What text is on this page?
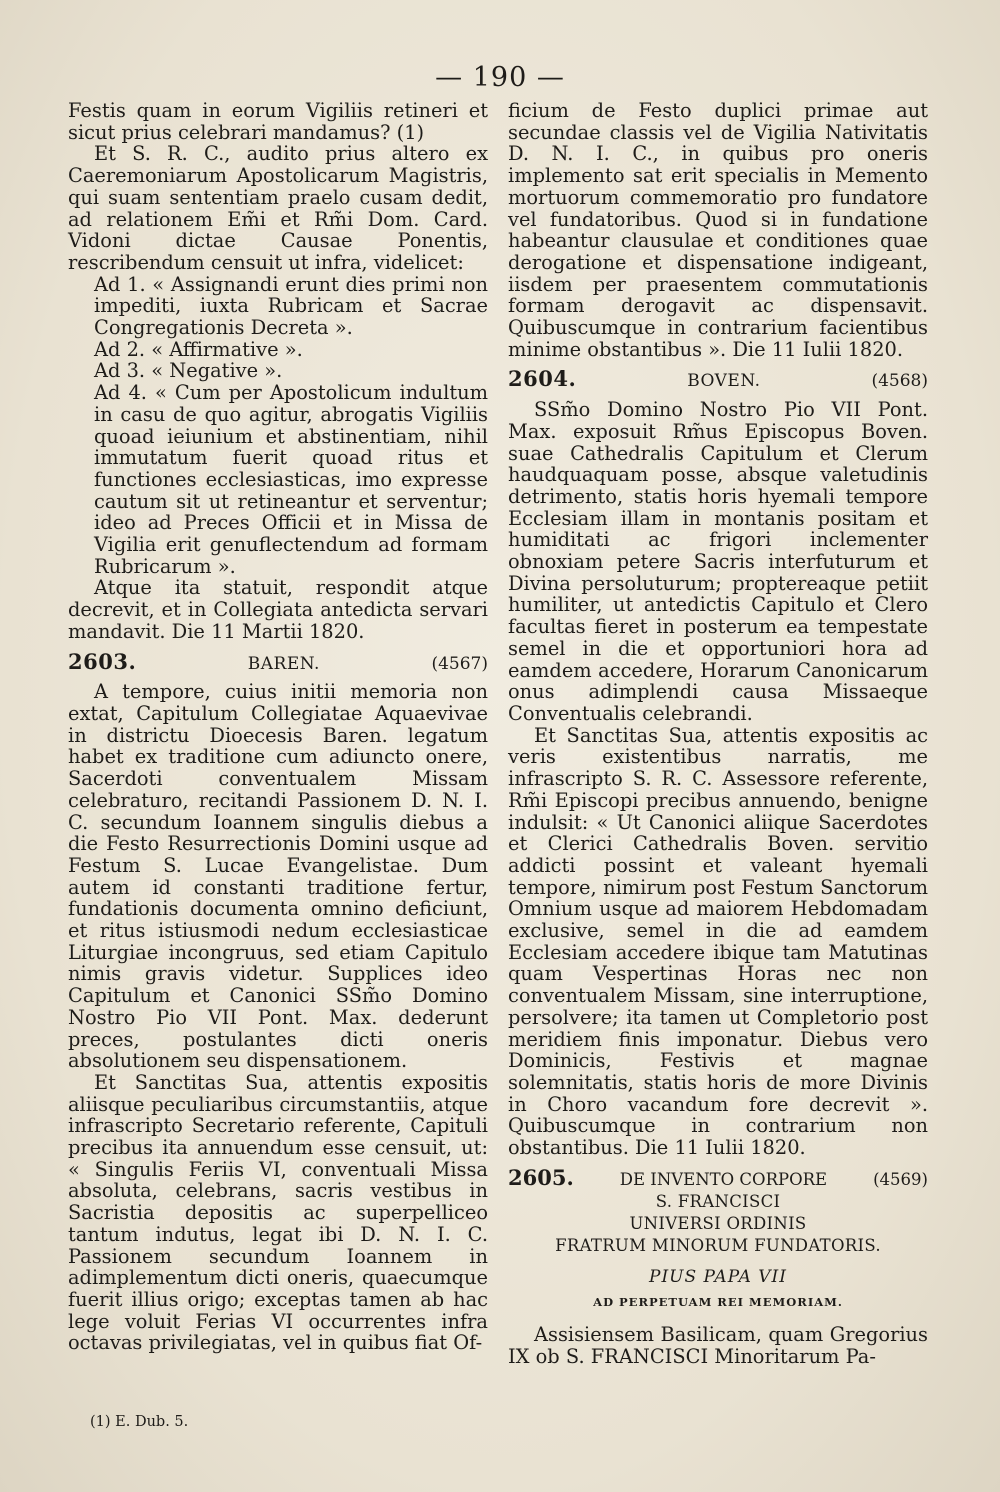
— 190 —

Festis quam in eorum Vigiliis retineri et sicut prius celebrari mandamus? (1)

Et S. R. C., audito prius altero ex Caeremoniarum Apostolicarum Magistris, qui suam sententiam praelo cusam dedit, ad relationem Em̃i et Rm̃i Dom. Card. Vidoni dictae Causae Ponentis, rescribendum censuit ut infra, videlicet:

Ad 1. « Assignandi erunt dies primi non impediti, iuxta Rubricam et Sacrae Congregationis Decreta ».

Ad 2. « Affirmative ».

Ad 3. « Negative ».

Ad 4. « Cum per Apostolicum indultum in casu de quo agitur, abrogatis Vigiliis quoad ieiunium et abstinentiam, nihil immutatum fuerit quoad ritus et functiones ecclesiasticas, imo expresse cautum sit ut retineantur et serventur; ideo ad Preces Officii et in Missa de Vigilia erit genuflectendum ad formam Rubricarum ».

Atque ita statuit, respondit atque decrevit, et in Collegiata antedicta servari mandavit. Die 11 Martii 1820.

2603.	BAREN.	(4567)

A tempore, cuius initii memoria non extat, Capitulum Collegiatae Aquaevivae in districtu Dioecesis Baren. legatum habet ex traditione cum adiuncto onere, Sacerdoti conventualem Missam celebraturo, recitandi Passionem D. N. I. C. secundum Ioannem singulis diebus a die Festo Resurrectionis Domini usque ad Festum S. Lucae Evangelistae. Dum autem id constanti traditione fertur, fundationis documenta omnino deficiunt, et ritus istiusmodi nedum ecclesiasticae Liturgiae incongruus, sed etiam Capitulo nimis gravis videtur. Supplices ideo Capitulum et Canonici SSm̃o Domino Nostro Pio VII Pont. Max. dederunt preces, postulantes dicti oneris absolutionem seu dispensationem.

Et Sanctitas Sua, attentis expositis aliisque peculiaribus circumstantiis, atque infrascripto Secretario referente, Capituli precibus ita annuendum esse censuit, ut: « Singulis Feriis VI, conventuali Missa absoluta, celebrans, sacris vestibus in Sacristia depositis ac superpelliceo tantum indutus, legat ibi D. N. I. C. Passionem secundum Ioannem in adimplementum dicti oneris, quaecumque fuerit illius origo; exceptas tamen ab hac lege voluit Ferias VI occurrentes infra octavas privilegiatas, vel in quibus fiat Of-

ficium de Festo duplici primae aut secundae classis vel de Vigilia Nativitatis D. N. I. C., in quibus pro oneris implemento sat erit specialis in Memento mortuorum commemoratio pro fundatore vel fundatoribus. Quod si in fundatione habeantur clausulae et conditiones quae derogatione et dispensatione indigeant, iisdem per praesentem commutationis formam derogavit ac dispensavit. Quibuscumque in contrarium facientibus minime obstantibus ». Die 11 Iulii 1820.

2604.	BOVEN.	(4568)

SSm̃o Domino Nostro Pio VII Pont. Max. exposuit Rm̃us Episcopus Boven. suae Cathedralis Capitulum et Clerum haudquaquam posse, absque valetudinis detrimento, statis horis hyemali tempore Ecclesiam illam in montanis positam et humiditati ac frigori inclementer obnoxiam petere Sacris interfuturum et Divina persoluturum; proptereaque petiit humiliter, ut antedictis Capitulo et Clero facultas fieret in posterum ea tempestate semel in die et opportuniori hora ad eamdem accedere, Horarum Canonicarum onus adimplendi causa Missaeque Conventualis celebrandi.

Et Sanctitas Sua, attentis expositis ac veris existentibus narratis, me infrascripto S. R. C. Assessore referente, Rm̃i Episcopi precibus annuendo, benigne indulsit: « Ut Canonici aliique Sacerdotes et Clerici Cathedralis Boven. servitio addicti possint et valeant hyemali tempore, nimirum post Festum Sanctorum Omnium usque ad maiorem Hebdomadam exclusive, semel in die ad eamdem Ecclesiam accedere ibique tam Matutinas quam Vespertinas Horas nec non conventualem Missam, sine interruptione, persolvere; ita tamen ut Completorio post meridiem finis imponatur. Diebus vero Dominicis, Festivis et magnae solemnitatis, statis horis de more Divinis in Choro vacandum fore decrevit ». Quibuscumque in contrarium non obstantibus. Die 11 Iulii 1820.

2605.	DE INVENTO CORPORE	(4569)
S. FRANCISCI
UNIVERSI ORDINIS
FRATRUM MINORUM FUNDATORIS.
PIUS PAPA VII
AD PERPETUAM REI MEMORIAM.

Assisiensem Basilicam, quam Gregorius IX ob S. FRANCISCI Minoritarum Pa-

(1) E. Dub. 5.
